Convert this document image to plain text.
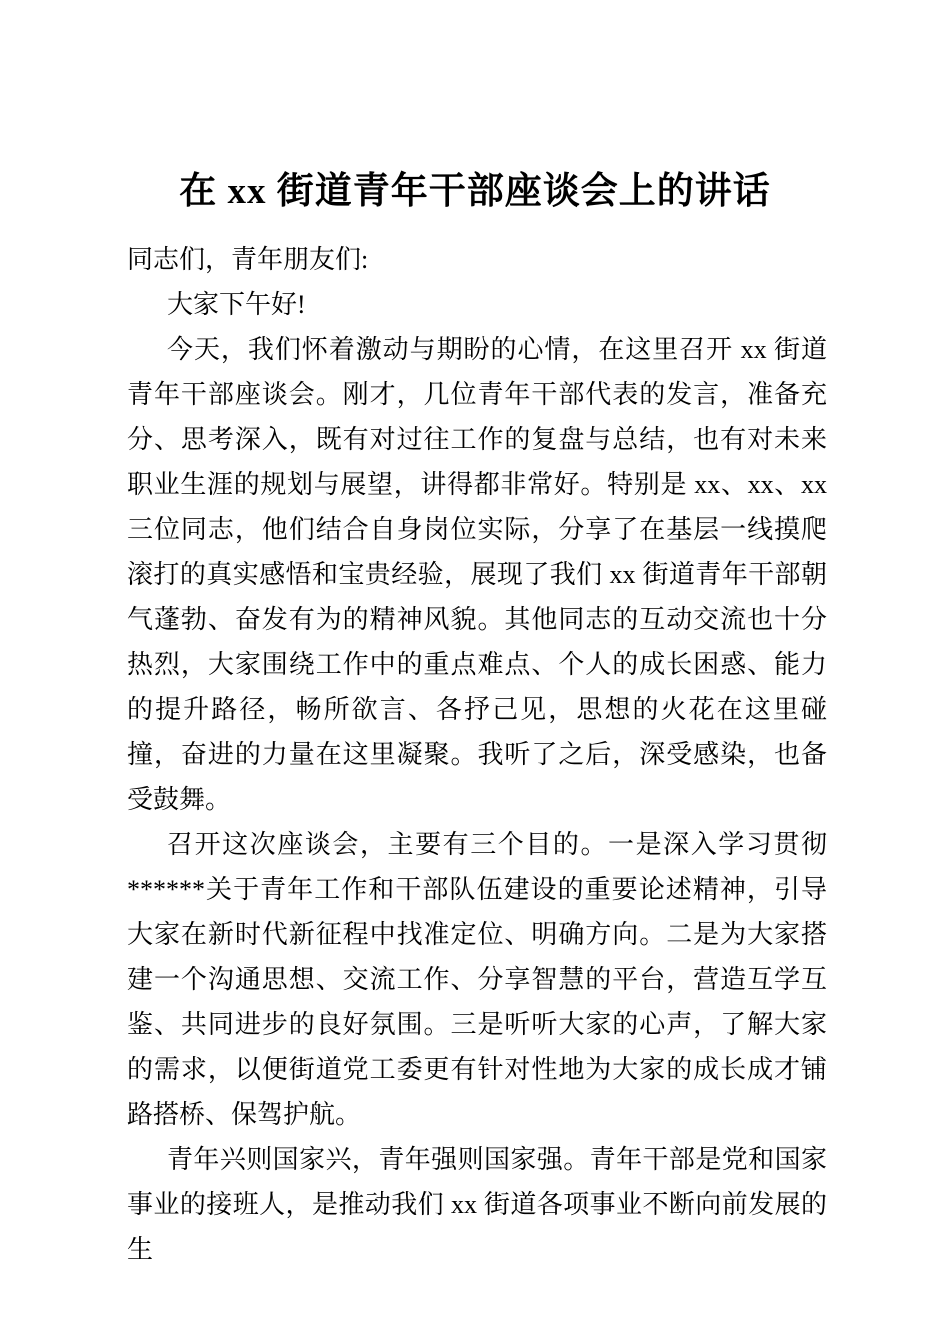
在 xx 街道青年干部座谈会上的讲话

同志们，青年朋友们:

大家下午好!

今天，我们怀着激动与期盼的心情，在这里召开 xx 街道青年干部座谈会。刚才，几位青年干部代表的发言，准备充分、思考深入，既有对过往工作的复盘与总结，也有对未来职业生涯的规划与展望，讲得都非常好。特别是 xx、xx、xx 三位同志，他们结合自身岗位实际，分享了在基层一线摸爬滚打的真实感悟和宝贵经验，展现了我们 xx 街道青年干部朝气蓬勃、奋发有为的精神风貌。其他同志的互动交流也十分热烈，大家围绕工作中的重点难点、个人的成长困惑、能力的提升路径，畅所欲言、各抒己见，思想的火花在这里碰撞，奋进的力量在这里凝聚。我听了之后，深受感染，也备受鼓舞。

召开这次座谈会，主要有三个目的。一是深入学习贯彻******关于青年工作和干部队伍建设的重要论述精神，引导大家在新时代新征程中找准定位、明确方向。二是为大家搭建一个沟通思想、交流工作、分享智慧的平台，营造互学互鉴、共同进步的良好氛围。三是听听大家的心声，了解大家的需求，以便街道党工委更有针对性地为大家的成长成才铺路搭桥、保驾护航。

青年兴则国家兴，青年强则国家强。青年干部是党和国家事业的接班人，是推动我们 xx 街道各项事业不断向前发展的生
